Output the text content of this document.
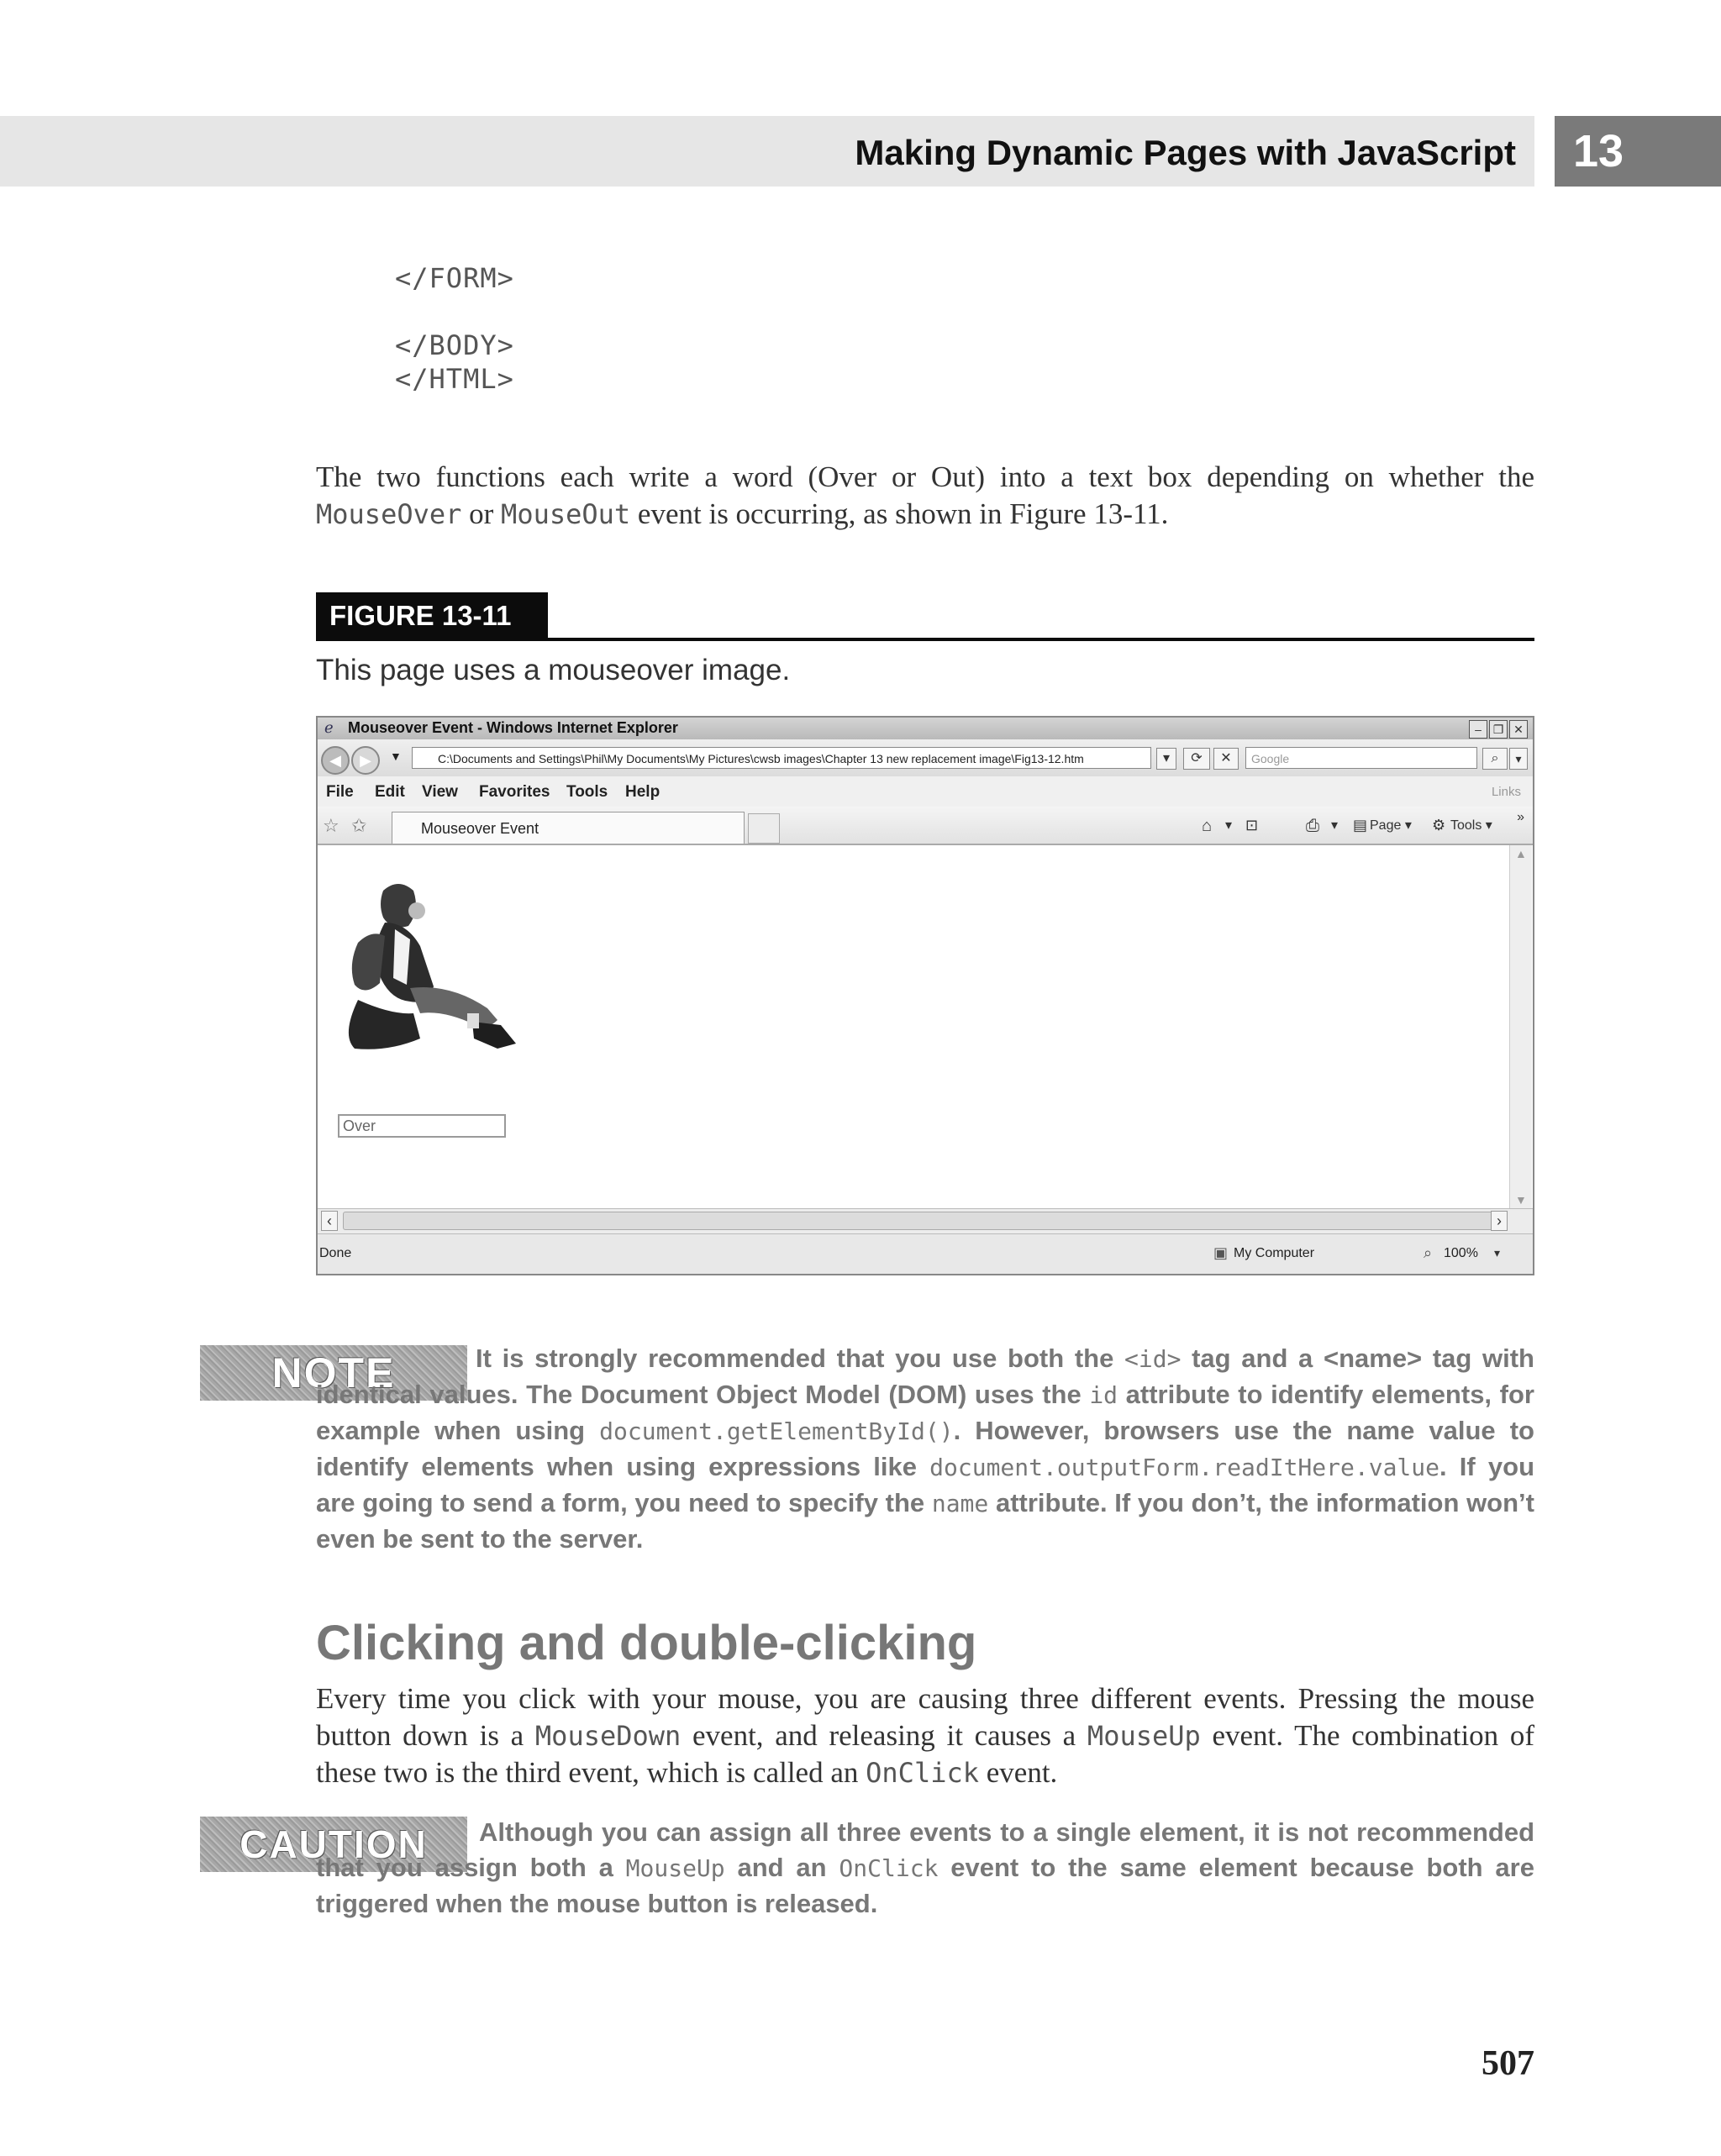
Making Dynamic Pages with JavaScript	13
</FORM>
</BODY>
</HTML>
The two functions each write a word (Over or Out) into a text box depending on whether the MouseOver or MouseOut event is occurring, as shown in Figure 13-11.
FIGURE 13-11
This page uses a mouseover image.
ℯ Mouseover Event - Windows Internet Explorer	– ❐ ✕
◀	▶	▼	C:\Documents and Settings\Phil\My Documents\My Pictures\cwsb images\Chapter 13 new replacement image\Fig13-12.htm	▾	⟳	✕	Google	⌕	▾
File Edit View Favorites Tools Help	Links
☆ ✩	Mouseover Event	⌂ ▾ ⊡	⎙ ▾ ▤ Page ▾ ⚙ Tools ▾
»
Over
▲
▼
‹	›
Done	▣ My Computer	⌕ 100% ▾
NOTE	It is strongly recommended that you use both the <id> tag and a <name> tag with identical values. The Document Object Model (DOM) uses the id attribute to identify elements, for example when using document.getElementById(). However, browsers use the name value to identify elements when using expressions like document.outputForm.readItHere.value. If you are going to send a form, you need to specify the name attribute. If you don’t, the information won’t even be sent to the server.
Clicking and double-clicking
Every time you click with your mouse, you are causing three different events. Pressing the mouse button down is a MouseDown event, and releasing it causes a MouseUp event. The combination of these two is the third event, which is called an OnClick event.
CAUTION	Although you can assign all three events to a single element, it is not recommended that you assign both a MouseUp and an OnClick event to the same element because both are triggered when the mouse button is released.
507
